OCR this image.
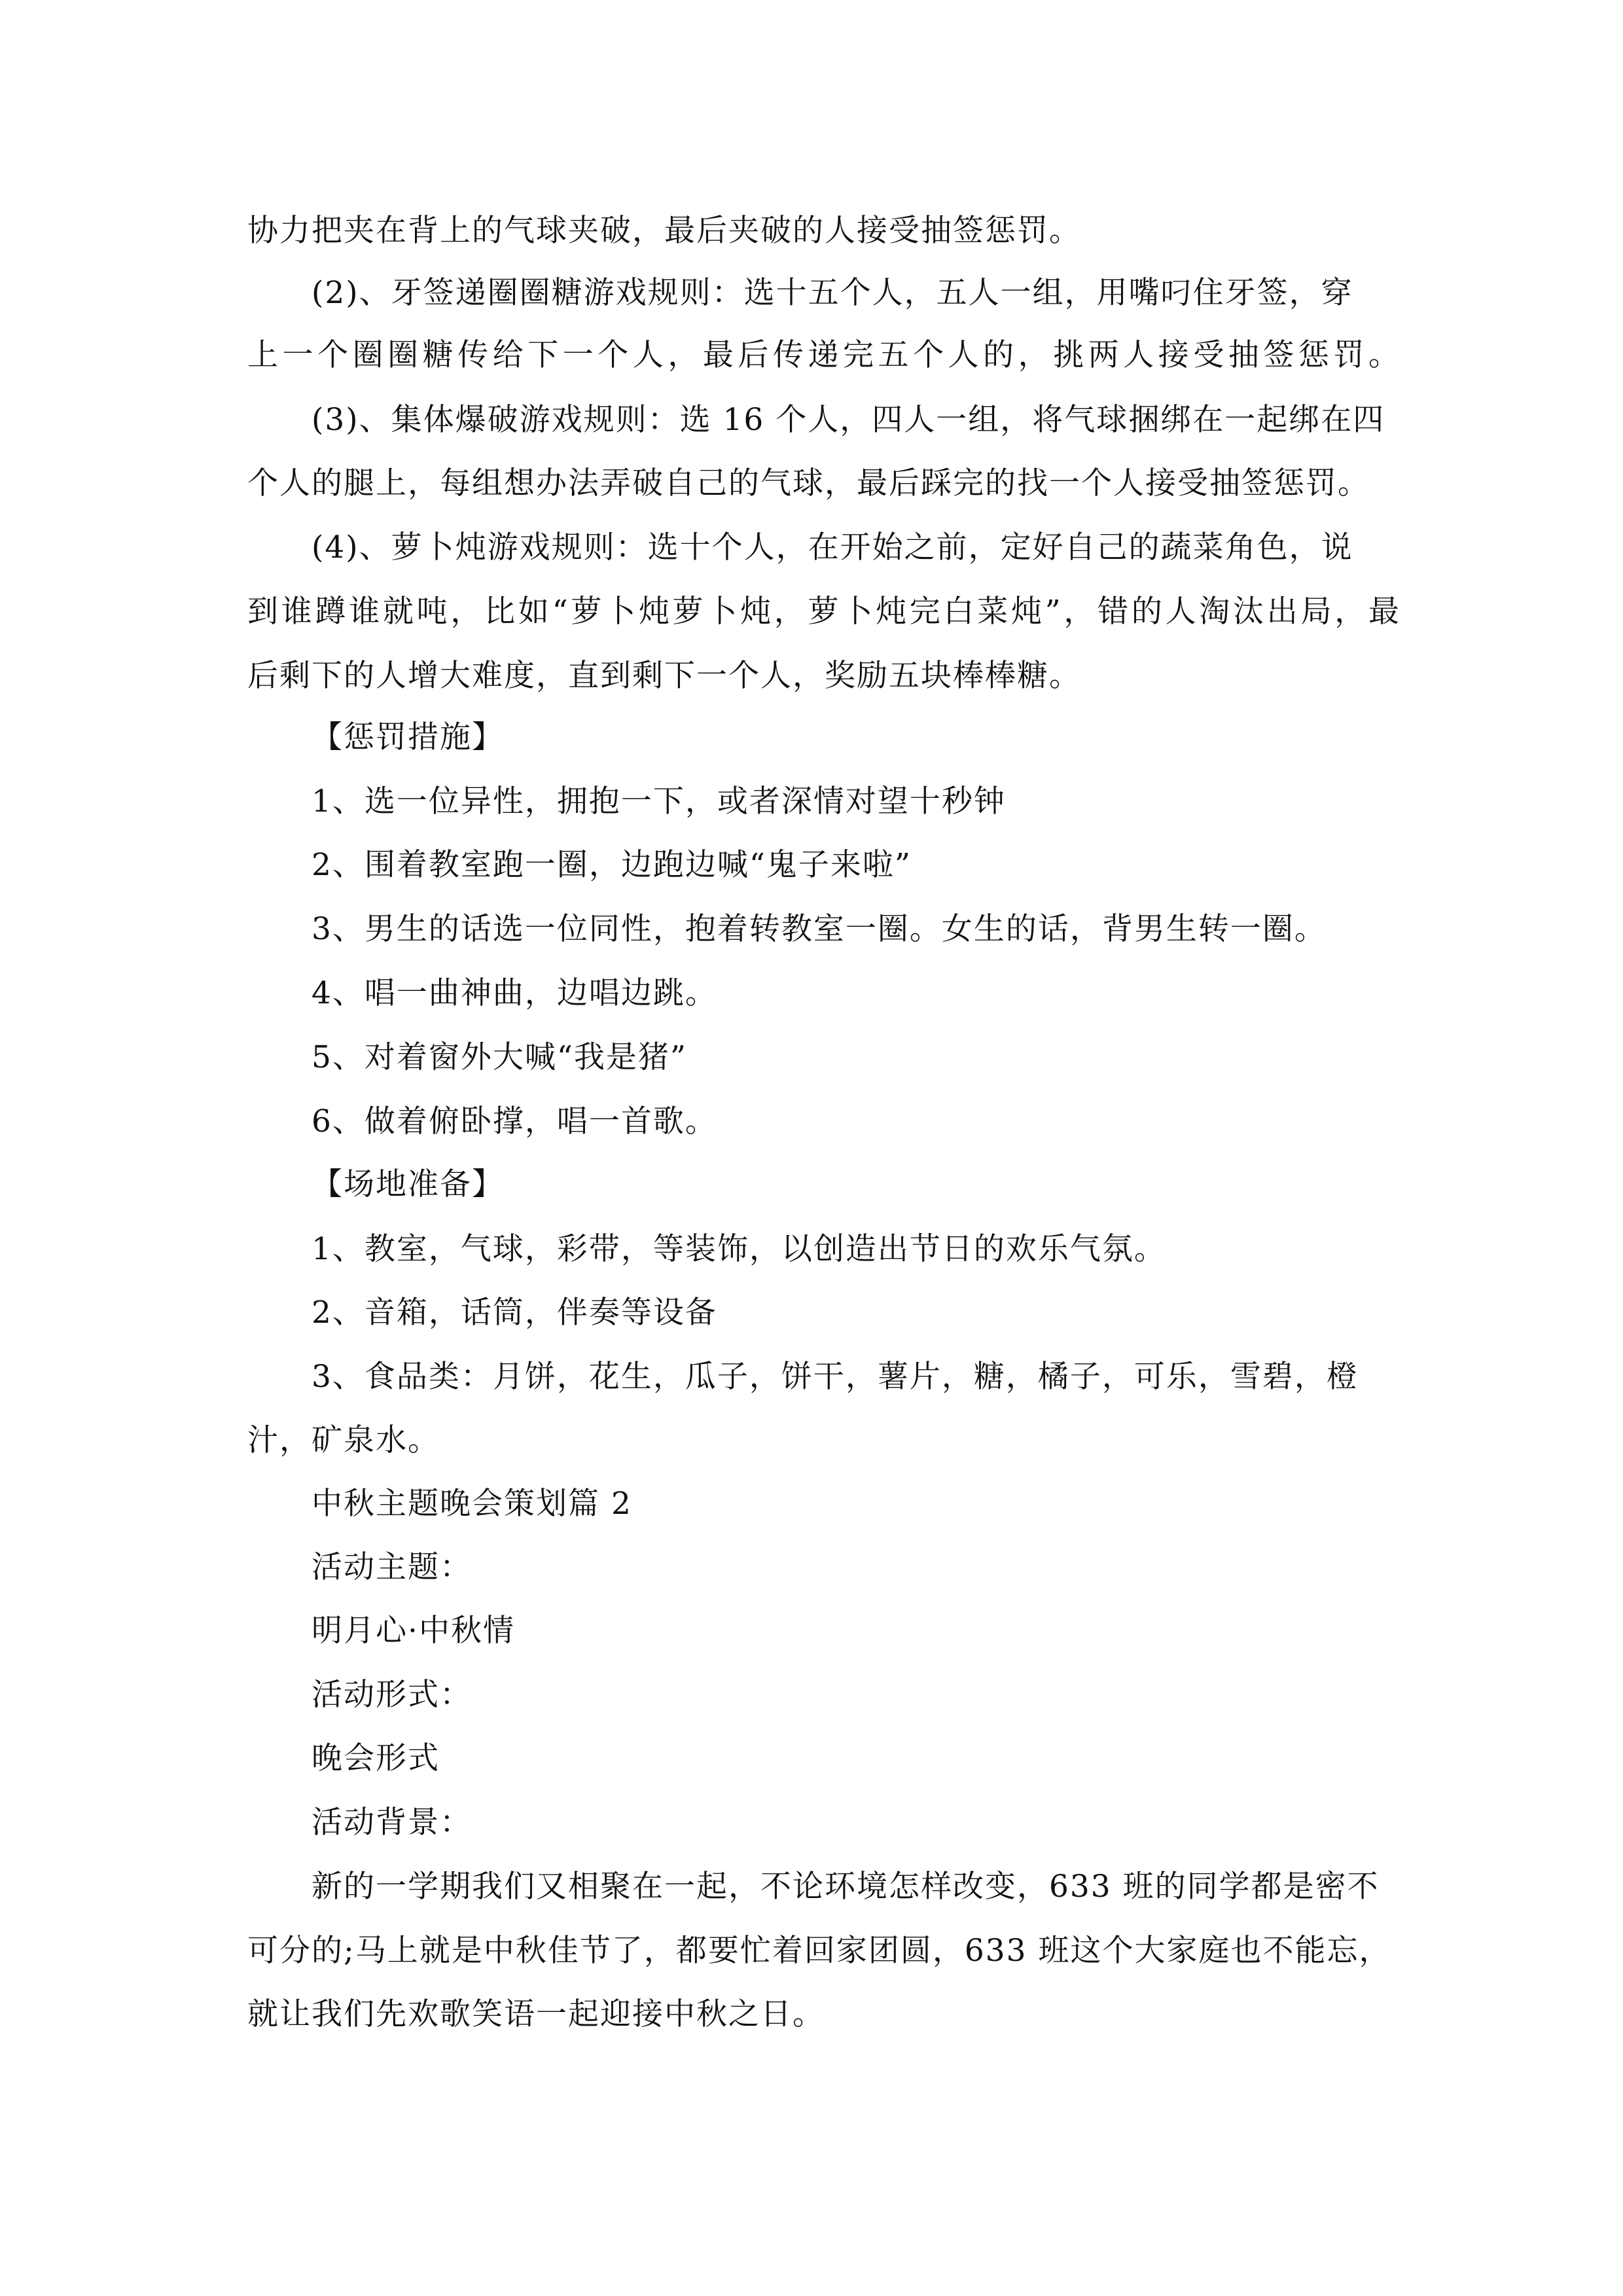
协力把夹在背上的气球夹破，最后夹破的人接受抽签惩罚。
(2)、牙签递圈圈糖游戏规则：选十五个人，五人一组，用嘴叼住牙签，穿
上一个圈圈糖传给下一个人，最后传递完五个人的，挑两人接受抽签惩罚。
(3)、集体爆破游戏规则：选 16 个人，四人一组，将气球捆绑在一起绑在四
个人的腿上，每组想办法弄破自己的气球，最后踩完的找一个人接受抽签惩罚。
(4)、萝卜炖游戏规则：选十个人，在开始之前，定好自己的蔬菜角色，说
到谁蹲谁就吨，比如“萝卜炖萝卜炖，萝卜炖完白菜炖”，错的人淘汰出局，最
后剩下的人增大难度，直到剩下一个人，奖励五块棒棒糖。
【惩罚措施】
1、选一位异性，拥抱一下，或者深情对望十秒钟
2、围着教室跑一圈，边跑边喊“鬼子来啦”
3、男生的话选一位同性，抱着转教室一圈。女生的话，背男生转一圈。
4、唱一曲神曲，边唱边跳。
5、对着窗外大喊“我是猪”
6、做着俯卧撑，唱一首歌。
【场地准备】
1、教室，气球，彩带，等装饰，以创造出节日的欢乐气氛。
2、音箱，话筒，伴奏等设备
3、食品类：月饼，花生，瓜子，饼干，薯片，糖，橘子，可乐，雪碧，橙
汁，矿泉水。
中秋主题晚会策划篇 2
活动主题：
明月心·中秋情
活动形式：
晚会形式
活动背景：
新的一学期我们又相聚在一起，不论环境怎样改变，633 班的同学都是密不
可分的;马上就是中秋佳节了，都要忙着回家团圆，633 班这个大家庭也不能忘，
就让我们先欢歌笑语一起迎接中秋之日。
